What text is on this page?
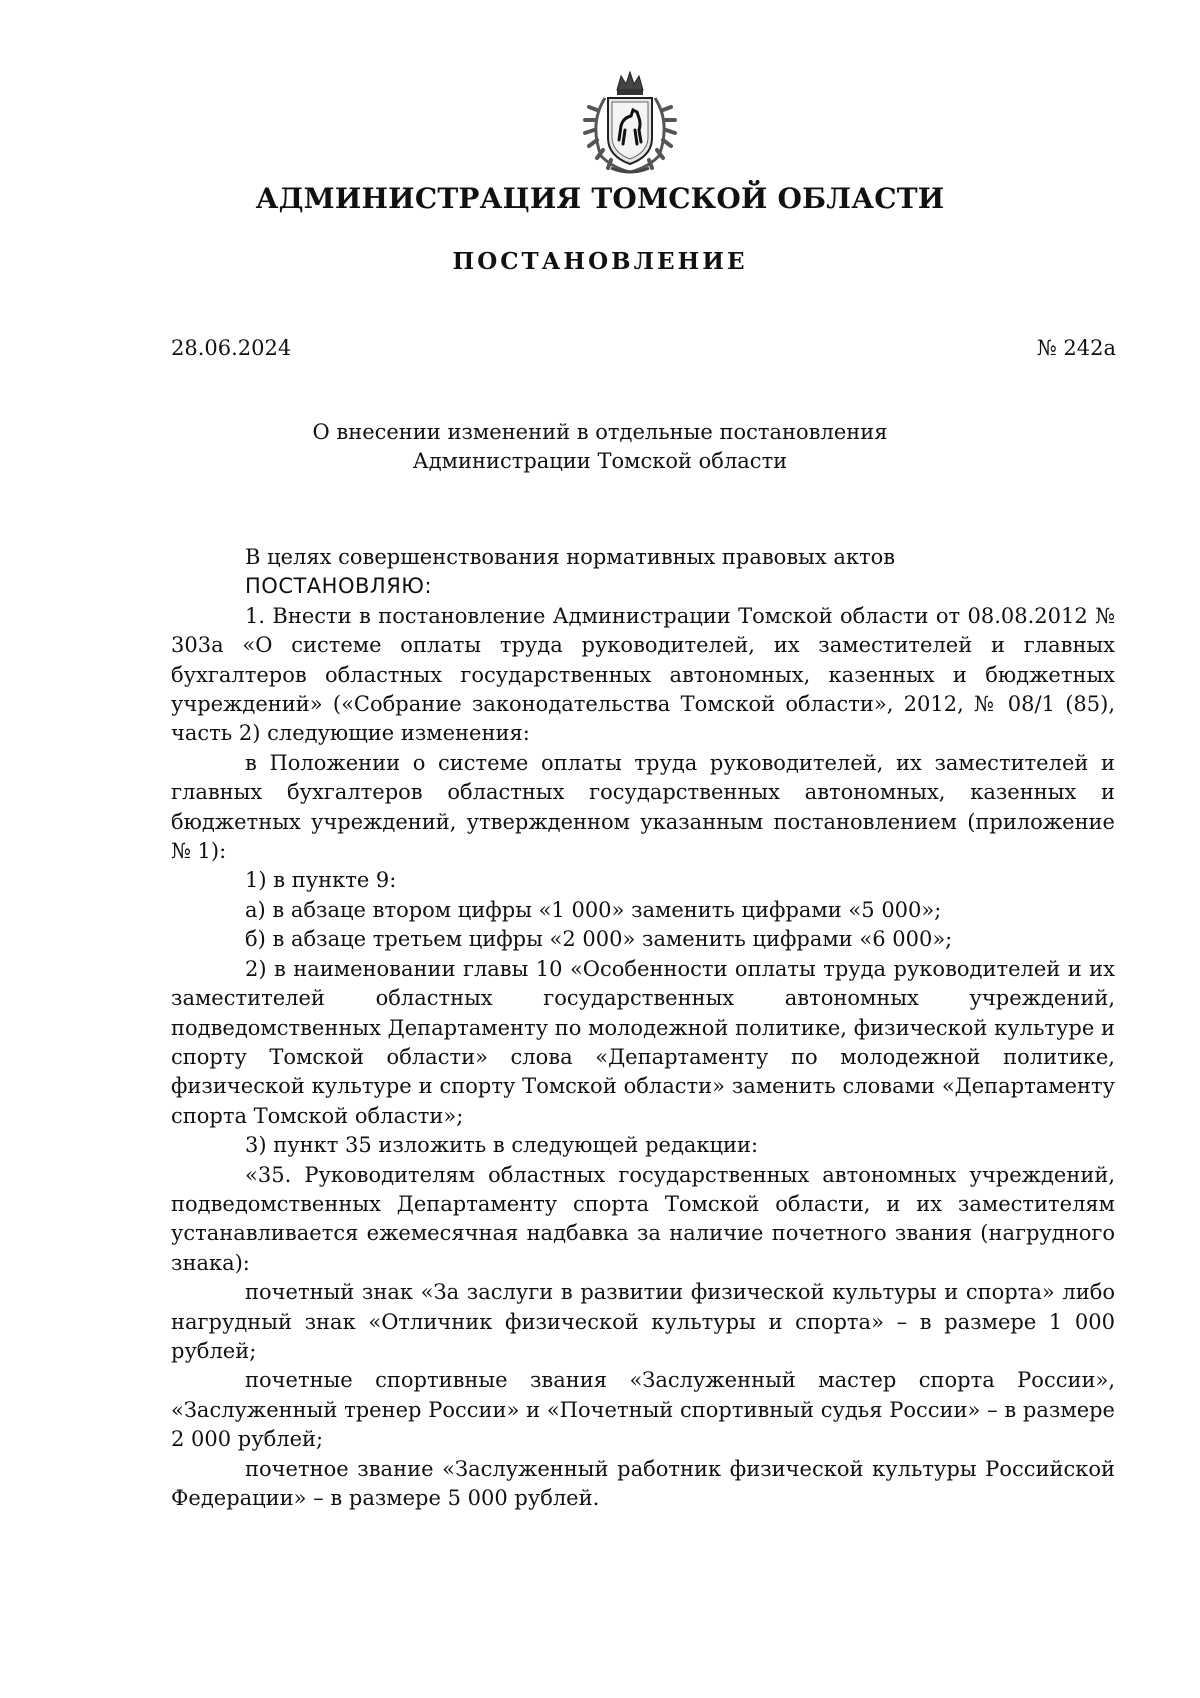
АДМИНИСТРАЦИЯ ТОМСКОЙ ОБЛАСТИ
ПОСТАНОВЛЕНИЕ
28.06.2024	№ 242а
О внесении изменений в отдельные постановления
Администрации Томской области

В целях совершенствования нормативных правовых актов

ПОСТАНОВЛЯЮ:

1. Внести в постановление Администрации Томской области от 08.08.2012 № 303а «О системе оплаты труда руководителей, их заместителей и главных бухгалтеров областных государственных автономных, казенных и бюджетных учреждений» («Собрание законодательства Томской области», 2012, № 08/1 (85), часть 2) следующие изменения:

в Положении о системе оплаты труда руководителей, их заместителей и главных бухгалтеров областных государственных автономных, казенных и бюджетных учреждений, утвержденном указанным постановлением (приложение № 1):

1) в пункте 9:

а) в абзаце втором цифры «1 000» заменить цифрами «5 000»;

б) в абзаце третьем цифры «2 000» заменить цифрами «6 000»;

2) в наименовании главы 10 «Особенности оплаты труда руководителей и их заместителей областных государственных автономных учреждений, подведомственных Департаменту по молодежной политике, физической культуре и спорту Томской области» слова «Департаменту по молодежной политике, физической культуре и спорту Томской области» заменить словами «Департаменту спорта Томской области»;

3) пункт 35 изложить в следующей редакции:

«35. Руководителям областных государственных автономных учреждений, подведомственных Департаменту спорта Томской области, и их заместителям устанавливается ежемесячная надбавка за наличие почетного звания (нагрудного знака):

почетный знак «За заслуги в развитии физической культуры и спорта» либо нагрудный знак «Отличник физической культуры и спорта» – в размере 1 000 рублей;

почетные спортивные звания «Заслуженный мастер спорта России», «Заслуженный тренер России» и «Почетный спортивный судья России» – в размере 2 000 рублей;

почетное звание «Заслуженный работник физической культуры Российской Федерации» – в размере 5 000 рублей.
